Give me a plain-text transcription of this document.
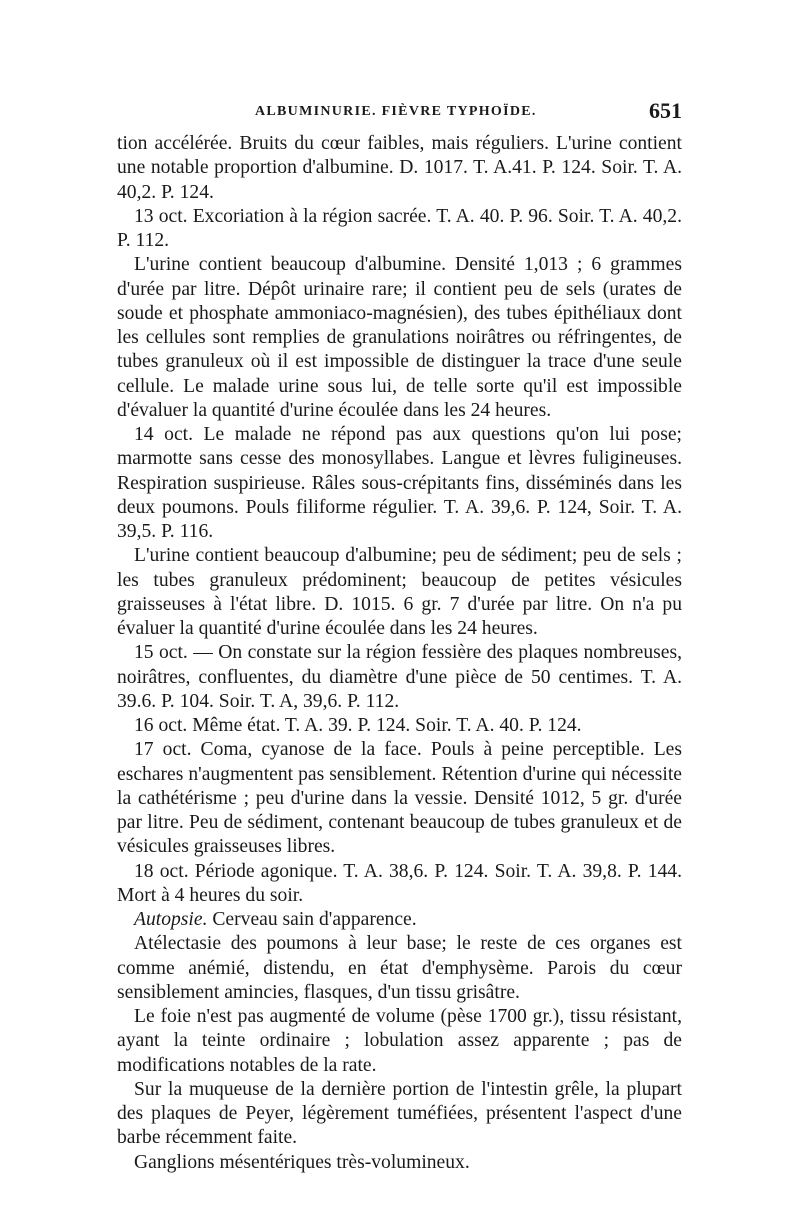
ALBUMINURIE. FIÈVRE TYPHOÏDE.	651

tion accélérée. Bruits du cœur faibles, mais réguliers. L'urine contient une notable proportion d'albumine. D. 1017. T. A.41. P. 124. Soir. T. A. 40,2. P. 124.

13 oct. Excoriation à la région sacrée. T. A. 40. P. 96. Soir. T. A. 40,2. P. 112.

L'urine contient beaucoup d'albumine. Densité 1,013 ; 6 grammes d'urée par litre. Dépôt urinaire rare; il contient peu de sels (urates de soude et phosphate ammoniaco-magnésien), des tubes épithéliaux dont les cellules sont remplies de granulations noirâtres ou réfringentes, de tubes granuleux où il est impossible de distinguer la trace d'une seule cellule. Le malade urine sous lui, de telle sorte qu'il est impossible d'évaluer la quantité d'urine écoulée dans les 24 heures.

14 oct. Le malade ne répond pas aux questions qu'on lui pose; marmotte sans cesse des monosyllabes. Langue et lèvres fuligineuses. Respiration suspirieuse. Râles sous-crépitants fins, disséminés dans les deux poumons. Pouls filiforme régulier. T. A. 39,6. P. 124, Soir. T. A. 39,5. P. 116.

L'urine contient beaucoup d'albumine; peu de sédiment; peu de sels ; les tubes granuleux prédominent; beaucoup de petites vésicules graisseuses à l'état libre. D. 1015. 6 gr. 7 d'urée par litre. On n'a pu évaluer la quantité d'urine écoulée dans les 24 heures.

15 oct. — On constate sur la région fessière des plaques nombreuses, noirâtres, confluentes, du diamètre d'une pièce de 50 centimes. T. A. 39.6. P. 104. Soir. T. A, 39,6. P. 112.

16 oct. Même état. T. A. 39. P. 124. Soir. T. A. 40. P. 124.

17 oct. Coma, cyanose de la face. Pouls à peine perceptible. Les eschares n'augmentent pas sensiblement. Rétention d'urine qui nécessite la cathétérisme ; peu d'urine dans la vessie. Densité 1012, 5 gr. d'urée par litre. Peu de sédiment, contenant beaucoup de tubes granuleux et de vésicules graisseuses libres.

18 oct. Période agonique. T. A. 38,6. P. 124. Soir. T. A. 39,8. P. 144. Mort à 4 heures du soir.

Autopsie. Cerveau sain d'apparence.

Atélectasie des poumons à leur base; le reste de ces organes est comme anémié, distendu, en état d'emphysème. Parois du cœur sensiblement amincies, flasques, d'un tissu grisâtre.

Le foie n'est pas augmenté de volume (pèse 1700 gr.), tissu résistant, ayant la teinte ordinaire ; lobulation assez apparente ; pas de modifications notables de la rate.

Sur la muqueuse de la dernière portion de l'intestin grêle, la plupart des plaques de Peyer, légèrement tuméfiées, présentent l'aspect d'une barbe récemment faite.

Ganglions mésentériques très-volumineux.
